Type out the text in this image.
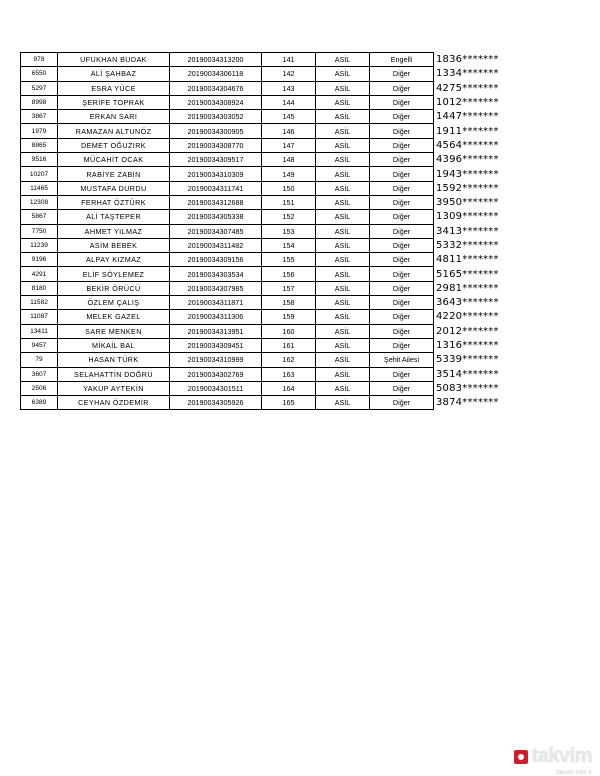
978	UFUKHAN BUDAK	20190034313200	141	ASİL	Engelli	1836*******
6550	ALİ ŞAHBAZ	20190034306118	142	ASİL	Diğer	1334*******
5297	ESRA YÜCE	20190034304676	143	ASİL	Diğer	4275*******
8998	ŞERİFE TOPRAK	20190034308924	144	ASİL	Diğer	1012*******
3867	ERKAN SARI	20190034303052	145	ASİL	Diğer	1447*******
1979	RAMAZAN ALTUNÖZ	20190034300905	146	ASİL	Diğer	1911*******
8865	DEMET OĞUZIRK	20190034308770	147	ASİL	Diğer	4564*******
9516	MÜCAHİT OCAK	20190034309517	148	ASİL	Diğer	4396*******
10207	RABİYE ZABIN	20190034310309	149	ASİL	Diğer	1943*******
11465	MUSTAFA DURDU	20190034311741	150	ASİL	Diğer	1592*******
12308	FERHAT ÖZTÜRK	20190034312688	151	ASİL	Diğer	3950*******
5867	ALİ TAŞTEPER	20190034305338	152	ASİL	Diğer	1309*******
7750	AHMET YILMAZ	20190034307485	153	ASİL	Diğer	3413*******
11239	ASİM BEBEK	20190034311482	154	ASİL	Diğer	5332*******
9196	ALPAY KIZMAZ	20190034309156	155	ASİL	Diğer	4811*******
4291	ELİF SÖYLEMEZ	20190034303534	156	ASİL	Diğer	5165*******
8180	BEKİR ÖRÜCÜ	20190034307985	157	ASİL	Diğer	2981*******
11582	ÖZLEM ÇALIŞ	20190034311871	158	ASİL	Diğer	3643*******
11087	MELEK GAZEL	20190034311306	159	ASİL	Diğer	4220*******
13411	SARE MENKEN	20190034313951	160	ASİL	Diğer	2012*******
9457	MİKAİL BAL	20190034309451	161	ASİL	Diğer	1316*******
79	HASAN TÜRK	20190034310999	162	ASİL	Şehit Ailesi	5339*******
3607	SELAHATTİN DOĞRU	20190034302769	163	ASİL	Diğer	3514*******
2506	YAKUP AYTEKİN	20190034301511	164	ASİL	Diğer	5083*******
6389	CEYHAN ÖZDEMİR	20190034305926	165	ASİL	Diğer	3874*******
takvim
takvim.com.tr
